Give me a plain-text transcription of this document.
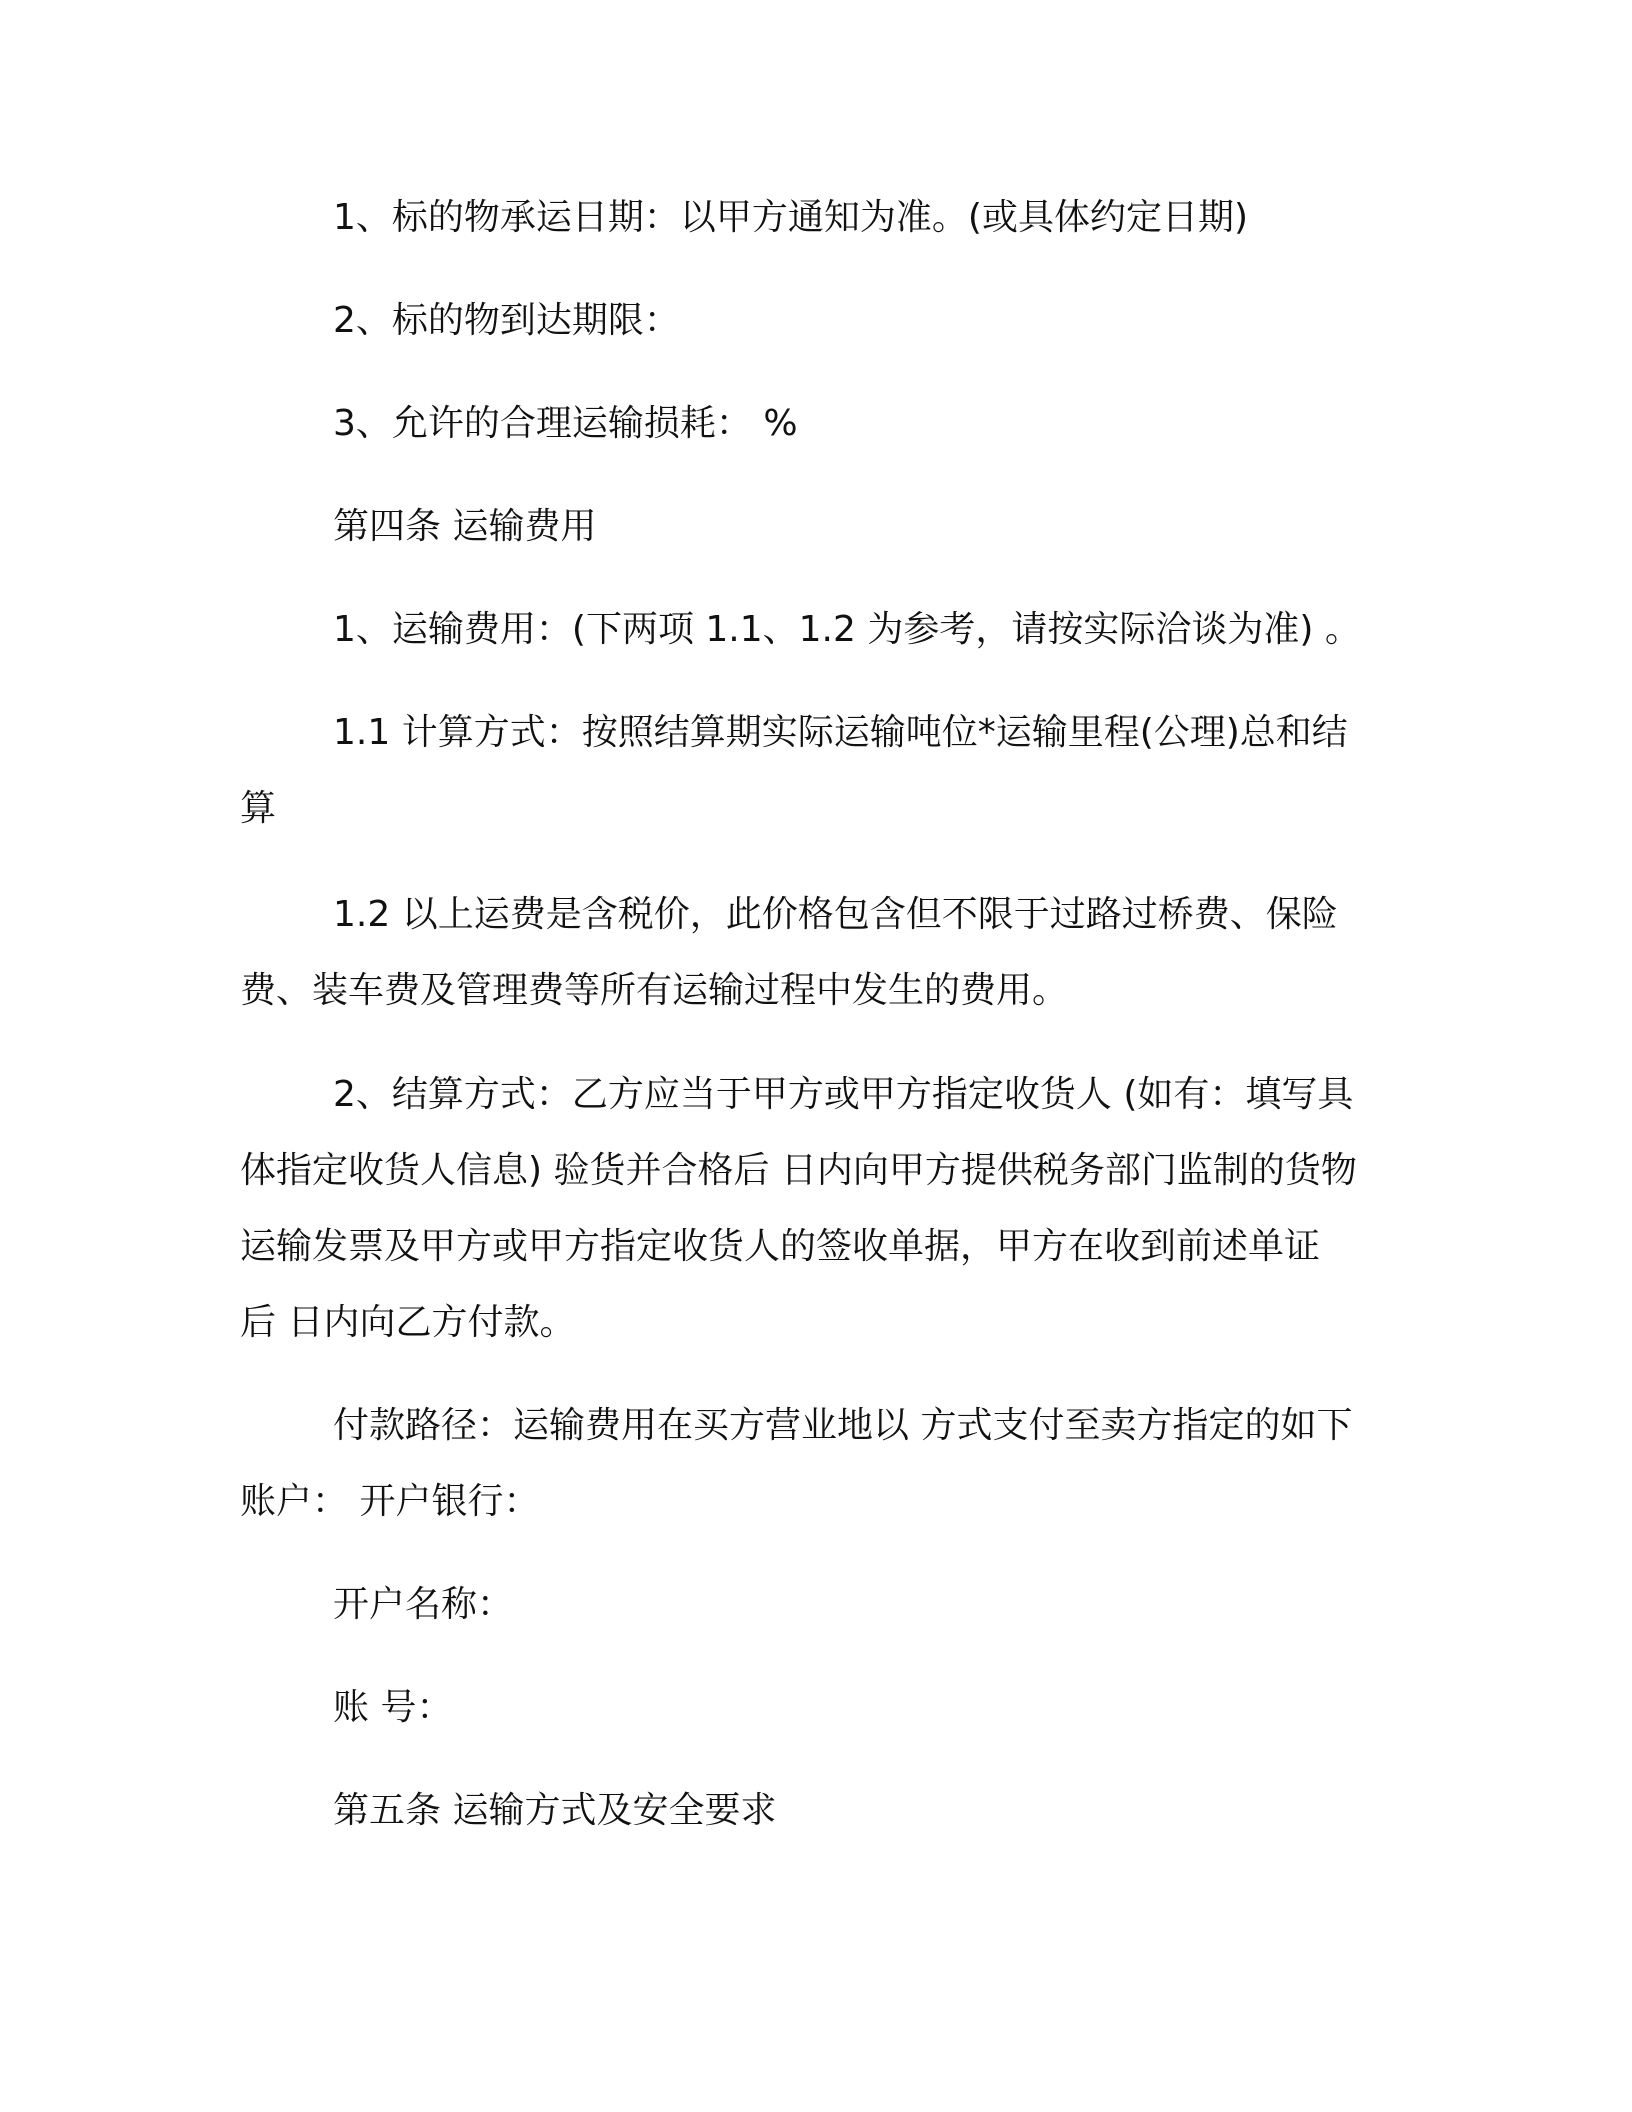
1、标的物承运日期：以甲方通知为准。(或具体约定日期)
2、标的物到达期限：
3、允许的合理运输损耗： %
第四条 运输费用
1、运输费用：(下两项 1.1、1.2 为参考，请按实际洽谈为准) 。
1.1 计算方式：按照结算期实际运输吨位*运输里程(公理)总和结
算
1.2 以上运费是含税价，此价格包含但不限于过路过桥费、保险
费、装车费及管理费等所有运输过程中发生的费用。
2、结算方式：乙方应当于甲方或甲方指定收货人 (如有：填写具
体指定收货人信息) 验货并合格后 日内向甲方提供税务部门监制的货物
运输发票及甲方或甲方指定收货人的签收单据，甲方在收到前述单证
后 日内向乙方付款。
付款路径：运输费用在买方营业地以 方式支付至卖方指定的如下
账户： 开户银行：
开户名称：
账 号：
第五条 运输方式及安全要求
